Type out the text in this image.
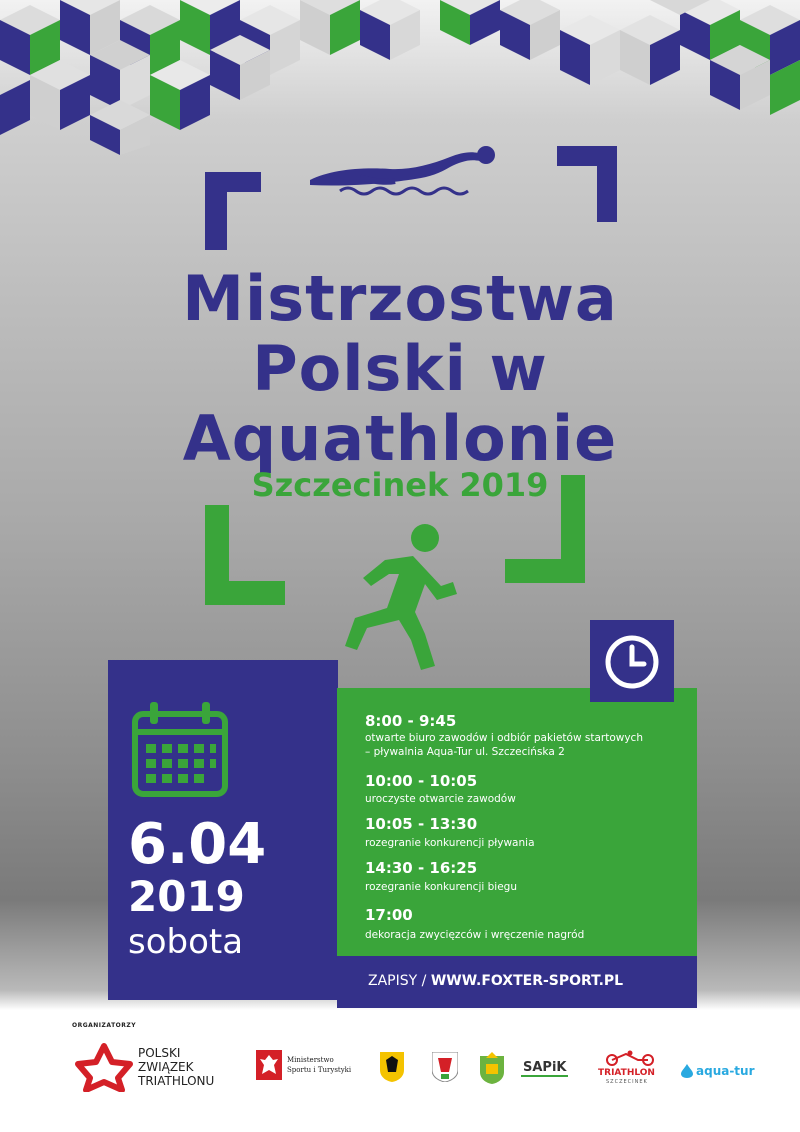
Mistrzostwa
Polski w
Aquathlonie
Szczecinek 2019
6.04
2019
sobota
8:00 - 9:45
otwarte biuro zawodów i odbiór pakietów startowych
– pływalnia Aqua-Tur ul. Szczecińska 2
10:00 - 10:05
uroczyste otwarcie zawodów
10:05 - 13:30
rozegranie konkurencji pływania
14:30 - 16:25
rozegranie konkurencji biegu
17:00
dekoracja zwycięzców i wręczenie nagród
ZAPISY / WWW.FOXTER-SPORT.PL
ORGANIZATORZY
POLSKI
ZWIĄZEK
TRIATHLONU
Ministerstwo
Sportu i Turystyki	SAPiK	TRIATHLON
SZCZECINEK
aqua-tur
